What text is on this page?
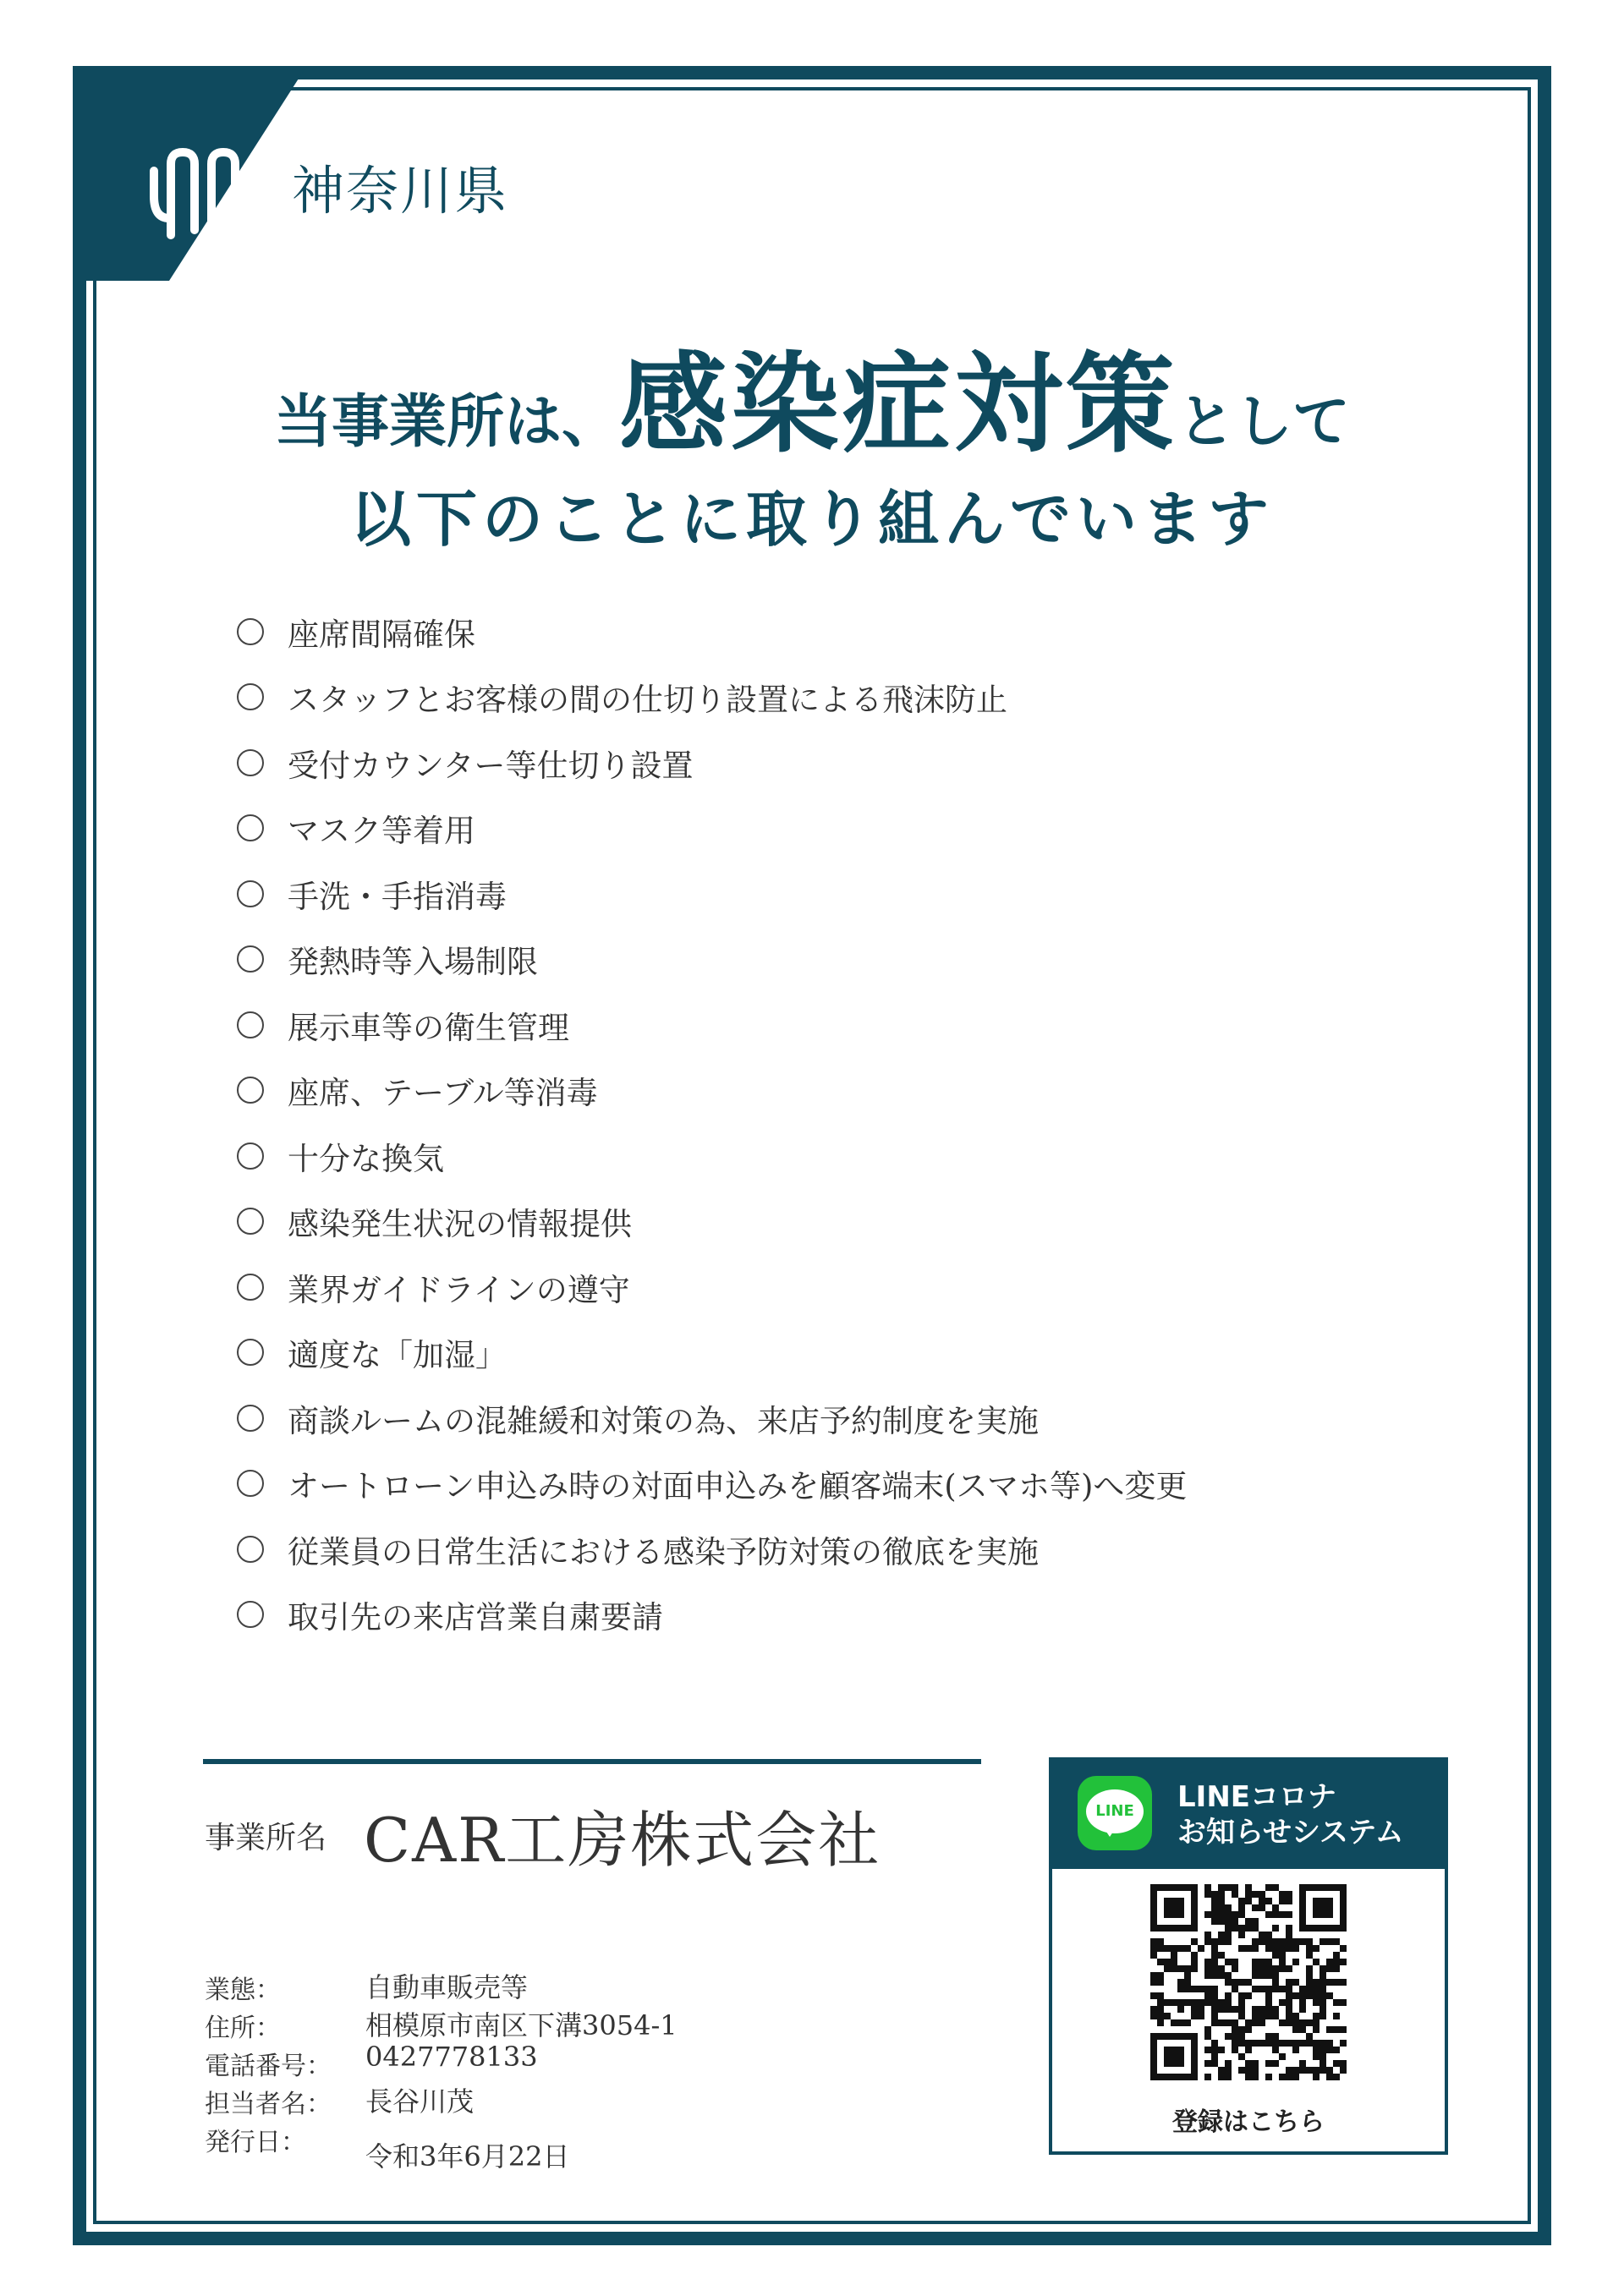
神奈川県
当事業所は、感染症対策として
以下のことに取り組んでいます
座席間隔確保
スタッフとお客様の間の仕切り設置による飛沫防止
受付カウンター等仕切り設置
マスク等着用
手洗・手指消毒
発熱時等入場制限
展示車等の衛生管理
座席、テーブル等消毒
十分な換気
感染発生状況の情報提供
業界ガイドラインの遵守
適度な「加湿」
商談ルームの混雑緩和対策の為、来店予約制度を実施
オートローン申込み時の対面申込みを顧客端末(スマホ等)へ変更
従業員の日常生活における感染予防対策の徹底を実施
取引先の来店営業自粛要請
事業所名 CAR工房株式会社
業態：	自動車販売等
住所：	相模原市南区下溝3054-1
電話番号： 0427778133
担当者名： 長谷川茂
発行日： 令和3年6月22日
LINE	LINEコロナ
お知らせシステム
登録はこちら
